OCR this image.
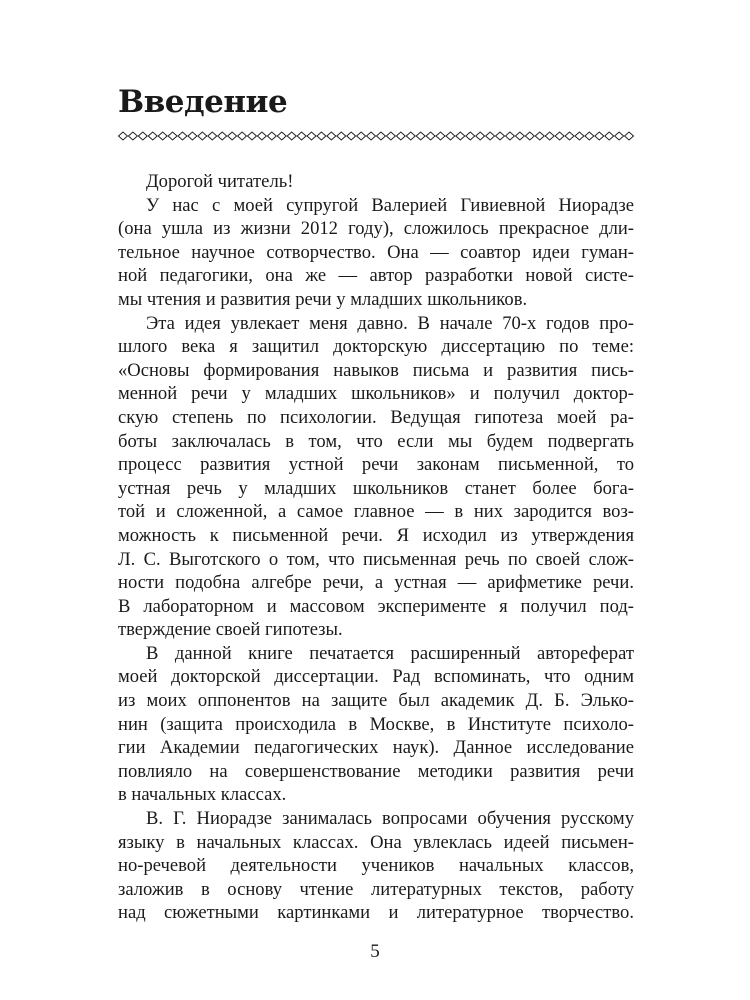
Введение
Дорогой читатель!
У нас с моей супругой Валерией Гивиевной Ниорадзе
(она ушла из жизни 2012 году), сложилось прекрасное дли-
тельное научное сотворчество. Она — соавтор идеи гуман-
ной педагогики, она же — автор разработки новой систе-
мы чтения и развития речи у младших школьников.
Эта идея увлекает меня давно. В начале 70-х годов про-
шлого века я защитил докторскую диссертацию по теме:
«Основы формирования навыков письма и развития пись-
менной речи у младших школьников» и получил доктор-
скую степень по психологии. Ведущая гипотеза моей ра-
боты заключалась в том, что если мы будем подвергать
процесс развития устной речи законам письменной, то
устная речь у младших школьников станет более бога-
той и сложенной, а самое главное — в них зародится воз-
можность к письменной речи. Я исходил из утверждения
Л. С. Выготского о том, что письменная речь по своей слож-
ности подобна алгебре речи, а устная — арифметике речи.
В лабораторном и массовом эксперименте я получил под-
тверждение своей гипотезы.
В данной книге печатается расширенный автореферат
моей докторской диссертации. Рад вспоминать, что одним
из моих оппонентов на защите был академик Д. Б. Элько-
нин (защита происходила в Москве, в Институте психоло-
гии Академии педагогических наук). Данное исследование
повлияло на совершенствование методики развития речи
в начальных классах.
В. Г. Ниорадзе занималась вопросами обучения русскому
языку в начальных классах. Она увлеклась идеей письмен-
но-речевой деятельности учеников начальных классов,
заложив в основу чтение литературных текстов, работу
над сюжетными картинками и литературное творчество.
5
